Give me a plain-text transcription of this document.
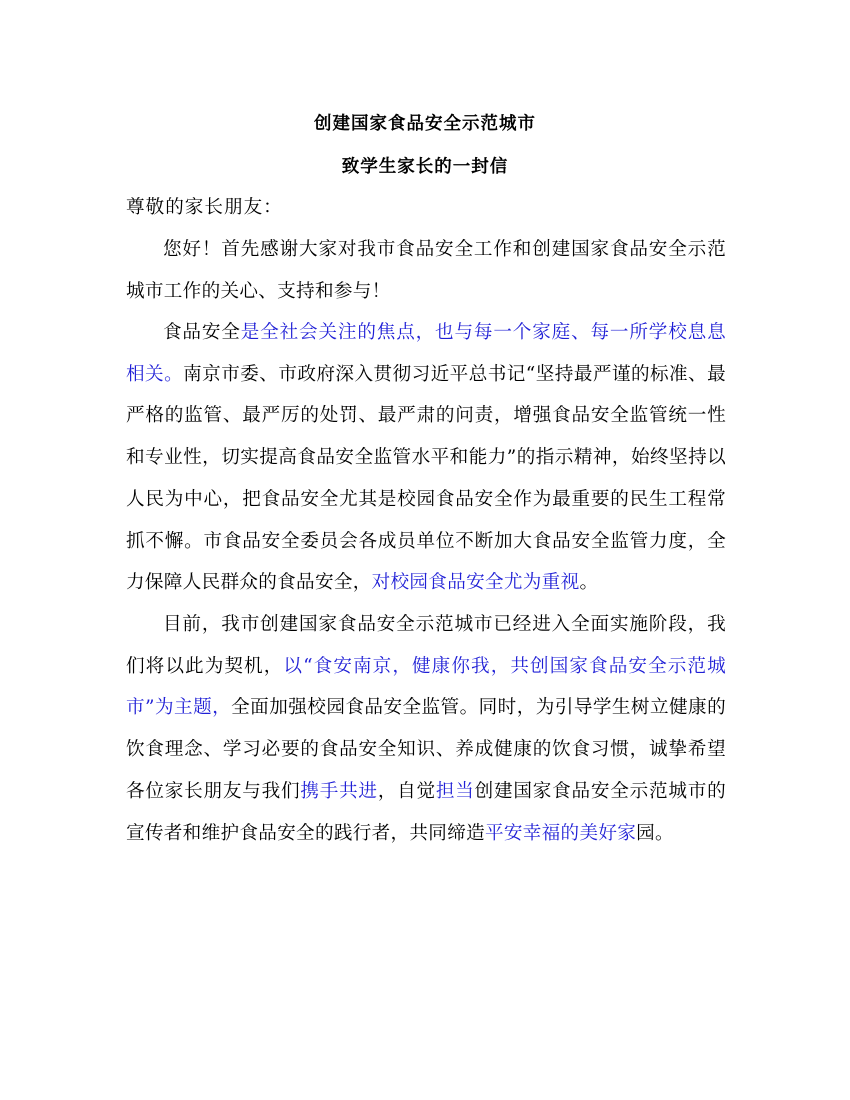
创建国家食品安全示范城市
致学生家长的一封信
尊敬的家长朋友：
您好！首先感谢大家对我市食品安全工作和创建国家食品安全示范城市工作的关心、支持和参与！
食品安全是全社会关注的焦点，也与每一个家庭、每一所学校息息相关。南京市委、市政府深入贯彻习近平总书记“坚持最严谨的标准、最严格的监管、最严厉的处罚、最严肃的问责，增强食品安全监管统一性和专业性，切实提高食品安全监管水平和能力”的指示精神，始终坚持以人民为中心，把食品安全尤其是校园食品安全作为最重要的民生工程常抓不懈。市食品安全委员会各成员单位不断加大食品安全监管力度，全力保障人民群众的食品安全，对校园食品安全尤为重视。
目前，我市创建国家食品安全示范城市已经进入全面实施阶段，我们将以此为契机，以“食安南京，健康你我，共创国家食品安全示范城市”为主题，全面加强校园食品安全监管。同时，为引导学生树立健康的饮食理念、学习必要的食品安全知识、养成健康的饮食习惯，诚挚希望各位家长朋友与我们携手共进，自觉担当创建国家食品安全示范城市的宣传者和维护食品安全的践行者，共同缔造平安幸福的美好家园。
